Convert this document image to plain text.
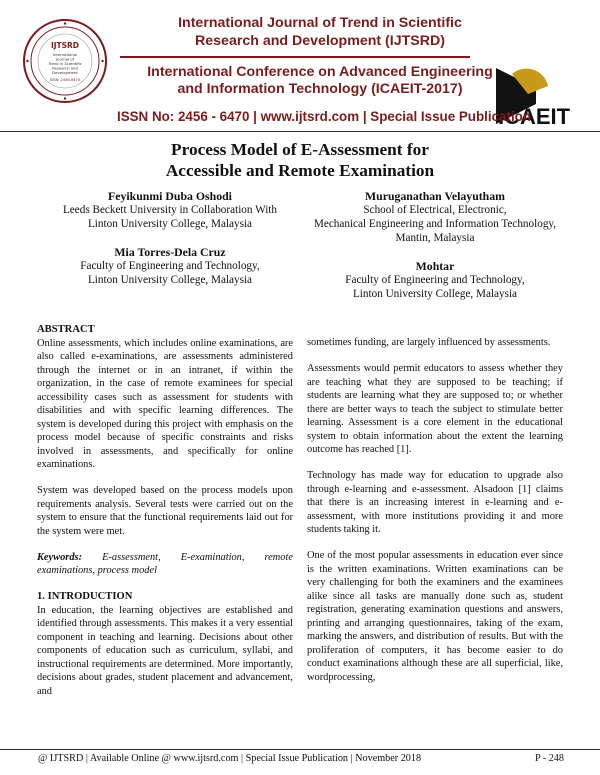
IJTSRD
International
Journal of
Trend in Scientific
Research and
Development
ISSN: 2456-6470
International Journal of Trend in Scientific
Research and Development (IJTSRD)
International Conference on Advanced Engineering
and Information Technology (ICAEIT-2017)
ICAEIT
ISSN No: 2456 - 6470 | www.ijtsrd.com | Special Issue Publication
Process Model of E-Assessment for
Accessible and Remote Examination
Feyikunmi Duba Oshodi
Leeds Beckett University in Collaboration With
Linton University College, Malaysia
Muruganathan Velayutham
School of Electrical, Electronic,
Mechanical Engineering and Information Technology,
Mantin, Malaysia
Mia Torres-Dela Cruz
Faculty of Engineering and Technology,
Linton University College, Malaysia
Mohtar
Faculty of Engineering and Technology,
Linton University College, Malaysia
ABSTRACT

Online assessments, which includes online examinations, are also called e-examinations, are assessments administered through the internet or in an intranet, if within the organization, in the case of remote examinees for special accessibility cases such as assessment for students with disabilities and with specific learning differences. The system is developed during this project with emphasis on the process model because of specific constraints and risks involved in assessments, and specifically for online examinations.

System was developed based on the process models upon requirements analysis. Several tests were carried out on the system to ensure that the functional requirements laid out for the system were met.

Keywords: E-assessment, E-examination, remote examinations, process model

1. INTRODUCTION

In education, the learning objectives are established and identified through assessments. This makes it a very essential component in teaching and learning. Decisions about other components of education such as curriculum, syllabi, and instructional requirements are determined. More importantly, decisions about grades, student placement and advancement, and

sometimes funding, are largely influenced by assessments.

Assessments would permit educators to assess whether they are teaching what they are supposed to be teaching; if students are learning what they are supposed to; or whether there are better ways to teach the subject to stimulate better learning. Assessment is a core element in the educational system to obtain information about the extent the learning outcome has reached [1].

Technology has made way for education to upgrade also through e-learning and e-assessment. Alsadoon [1] claims that there is an increasing interest in e-learning and e-assessment, with more institutions providing it and more students taking it.

One of the most popular assessments in education ever since is the written examinations. Written examinations can be very challenging for both the examiners and the examinees alike since all tasks are manually done such as, student registration, generating examination questions and answers, printing and arranging questionnaires, taking of the exam, marking the answers, and distribution of results. But with the proliferation of computers, it has become easier to do conduct examinations although these are all superficial, like, wordprocessing,

@ IJTSRD | Available Online @ www.ijtsrd.com | Special Issue Publication | November 2018	P - 248
